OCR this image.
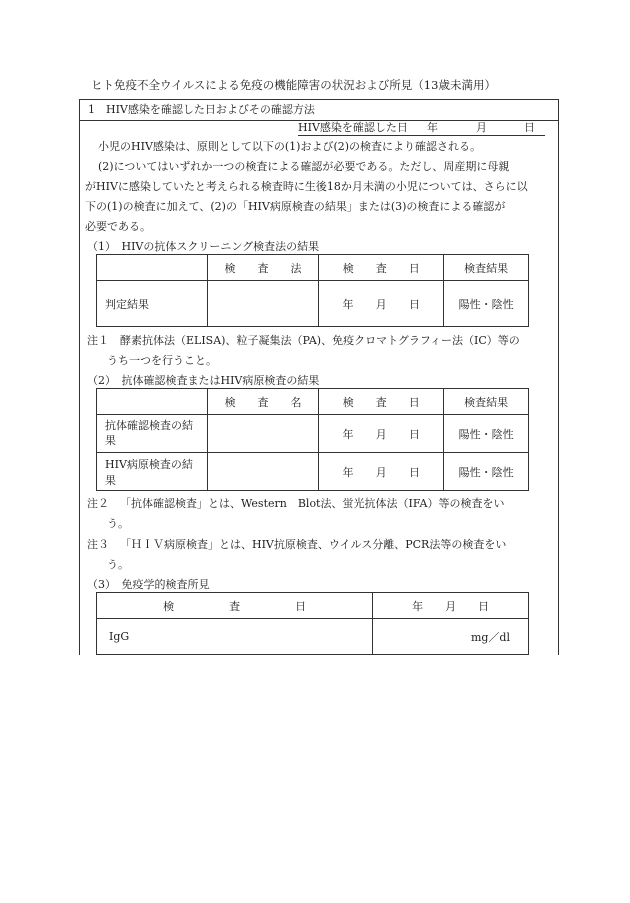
ヒト免疫不全ウイルスによる免疫の機能障害の状況および所見（13歳未満用）
1　HIV感染を確認した日およびその確認方法
HIV感染を確認した日 年	月	日
小児のHIV感染は、原則として以下の(1)および(2)の検査により確認される。
(2)についてはいずれか一つの検査による確認が必要である。ただし、周産期に母親
がHIVに感染していたと考えられる検査時に生後18か月未満の小児については、さらに以
下の(1)の検査に加えて、(2)の「HIV病原検査の結果」または(3)の検査による確認が
必要である。
（1）　HIVの抗体スクリーニング検査法の結果
	検　　査　　法	検　　査　　日	検査結果
判定結果		年 月 日	陽性・陰性
注１ 酵素抗体法（ELISA)、粒子凝集法（PA)、免疫クロマトグラフィー法（IC）等の
うち一つを行うこと。
（2）　抗体確認検査またはHIV病原検査の結果
	検　　査　　名	検　　査　　日	検査結果
抗体確認検査の結果		年 月 日	陽性・陰性
HIV病原検査の結果		年 月 日	陽性・陰性
注２ 「抗体確認検査」とは、Western　Blot法、蛍光抗体法（IFA）等の検査をい
う。
注３ 「ＨＩＶ病原検査」とは、HIV抗原検査、ウイルス分離、PCR法等の検査をい
う。
（3）　免疫学的検査所見
検　　　　　査　　　　　日	年　　月　　日
IgG	mg／dl
